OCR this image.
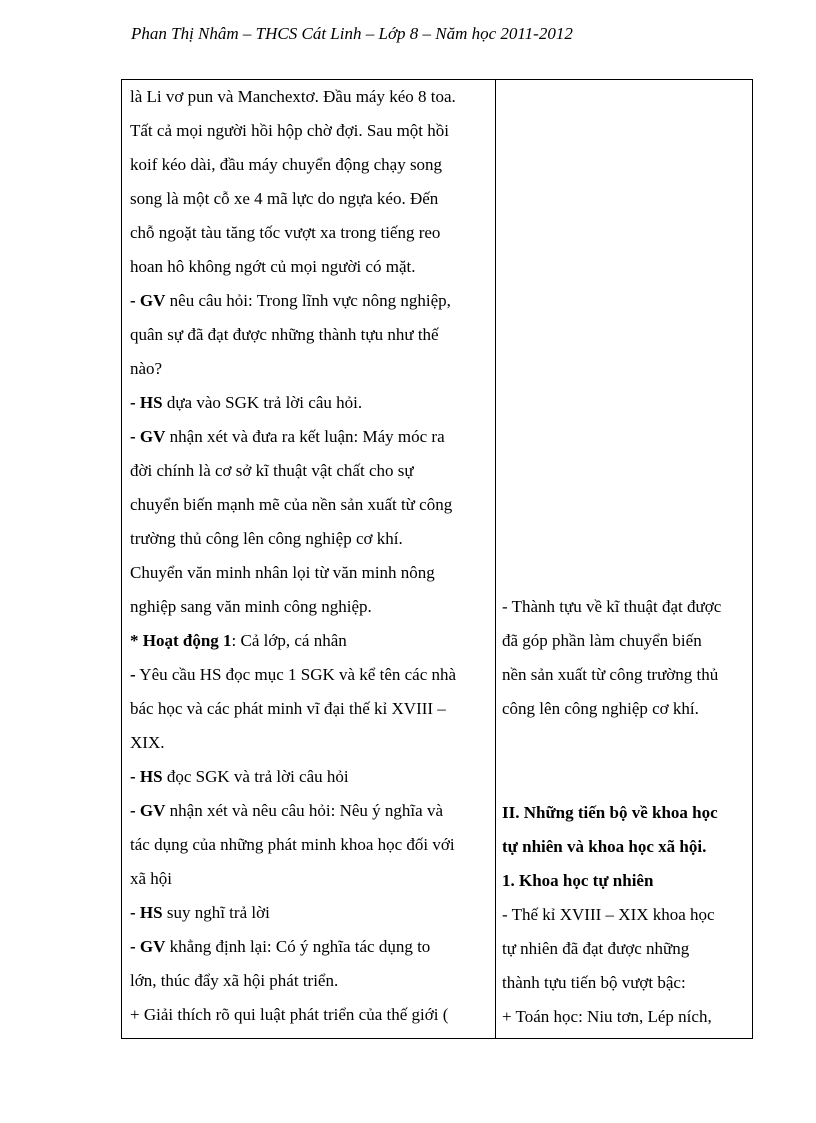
Phan Thị Nhâm – THCS Cát Linh – Lớp 8 – Năm học 2011-2012
là Li vơ pun và Manchextơ. Đầu máy kéo 8 toa.
Tất cả mọi người hồi hộp chờ đợi. Sau một hồi
koif kéo dài, đầu máy chuyển động chạy song
song là một cỗ xe 4 mã lực do ngựa kéo. Đến
chỗ ngoặt tàu tăng tốc vượt xa trong tiếng reo
hoan hô không ngớt củ mọi người có mặt.
- GV nêu câu hỏi: Trong lĩnh vực nông nghiệp,
quân sự đã đạt được những thành tựu như thế
nào?
- HS dựa vào SGK trả lời câu hỏi.
- GV nhận xét và đưa ra kết luận: Máy móc ra
đời chính là cơ sở kĩ thuật vật chất cho sự
chuyển biến mạnh mẽ của nền sản xuất từ công
trường thủ công lên công nghiệp cơ khí.
Chuyển văn minh nhân lọi từ văn minh nông
nghiệp sang văn minh công nghiệp.
* Hoạt động 1: Cả lớp, cá nhân
- Yêu cầu HS đọc mục 1 SGK và kể tên các nhà
bác học và các phát minh vĩ đại thế kỉ XVIII –
XIX.
- HS đọc SGK và trả lời câu hỏi
- GV nhận xét và nêu câu hỏi: Nêu ý nghĩa và
tác dụng của những phát minh khoa học đối với
xã hội
- HS suy nghĩ trả lời
- GV khẳng định lại: Có ý nghĩa tác dụng to
lớn, thúc đẩy xã hội phát triển.
+ Giải thích rõ qui luật phát triển của thế giới (
- Thành tựu về kĩ thuật đạt được
đã góp phần làm chuyển biến
nền sản xuất từ công trường thủ
công lên công nghiệp cơ khí.
II. Những tiến bộ về khoa học
tự nhiên và khoa học xã hội.
1. Khoa học tự nhiên
- Thế kỉ XVIII – XIX khoa học
tự nhiên đã đạt được những
thành tựu tiến bộ vượt bậc:
+ Toán học: Niu tơn, Lép ních,
